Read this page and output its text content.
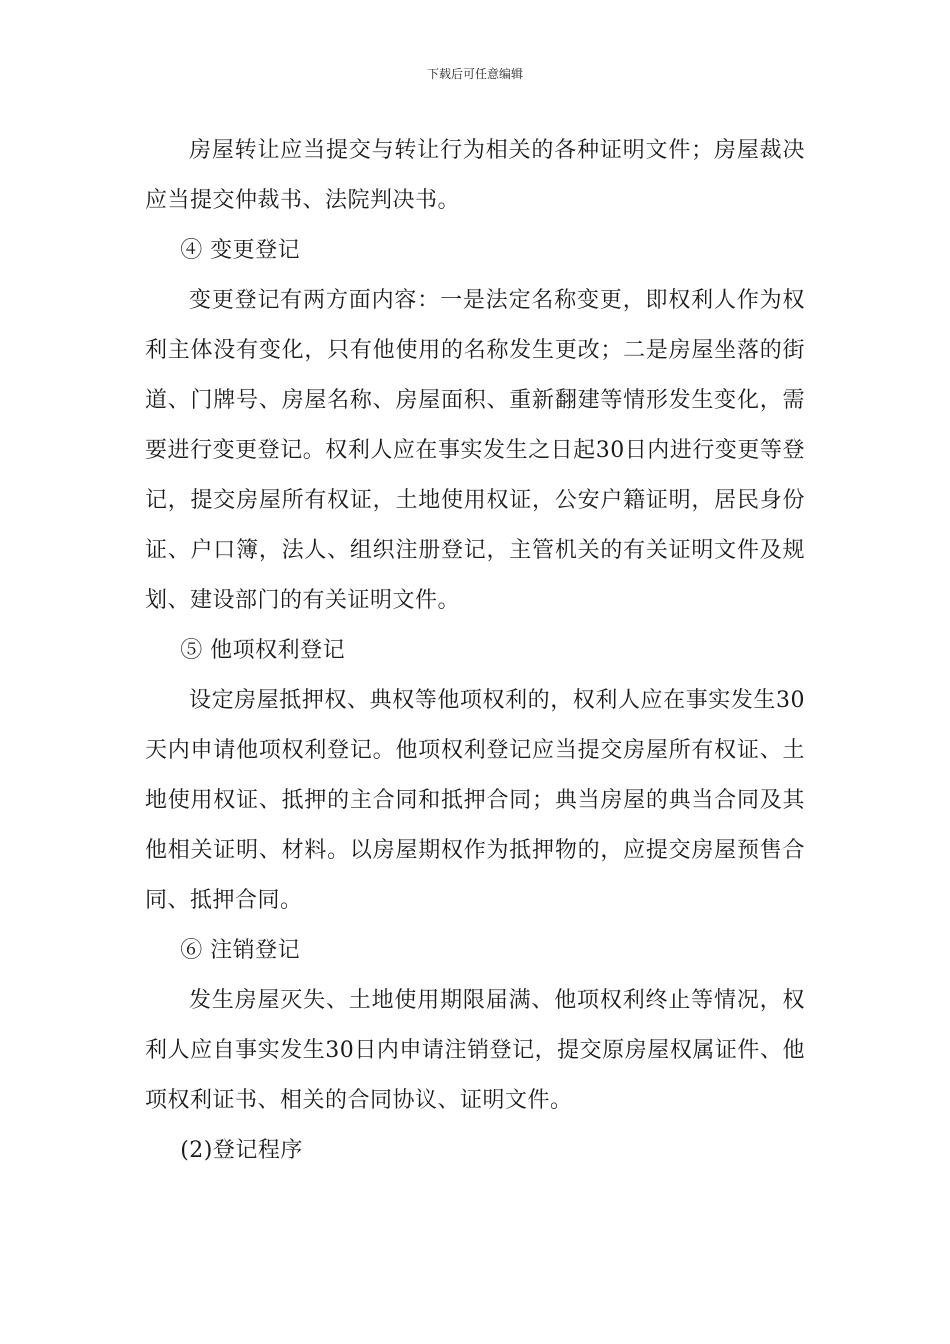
下载后可任意编辑

房屋转让应当提交与转让行为相关的各种证明文件；房屋裁决应当提交仲裁书、法院判决书。

④ 变更登记

变更登记有两方面内容：一是法定名称变更，即权利人作为权利主体没有变化，只有他使用的名称发生更改；二是房屋坐落的街道、门牌号、房屋名称、房屋面积、重新翻建等情形发生变化，需要进行变更登记。权利人应在事实发生之日起30日内进行变更等登记，提交房屋所有权证，土地使用权证，公安户籍证明，居民身份证、户口簿，法人、组织注册登记，主管机关的有关证明文件及规划、建设部门的有关证明文件。

⑤ 他项权利登记

设定房屋抵押权、典权等他项权利的，权利人应在事实发生30天内申请他项权利登记。他项权利登记应当提交房屋所有权证、土地使用权证、抵押的主合同和抵押合同；典当房屋的典当合同及其他相关证明、材料。以房屋期权作为抵押物的，应提交房屋预售合同、抵押合同。

⑥ 注销登记

发生房屋灭失、土地使用期限届满、他项权利终止等情况，权利人应自事实发生30日内申请注销登记，提交原房屋权属证件、他项权利证书、相关的合同协议、证明文件。

(2)登记程序
